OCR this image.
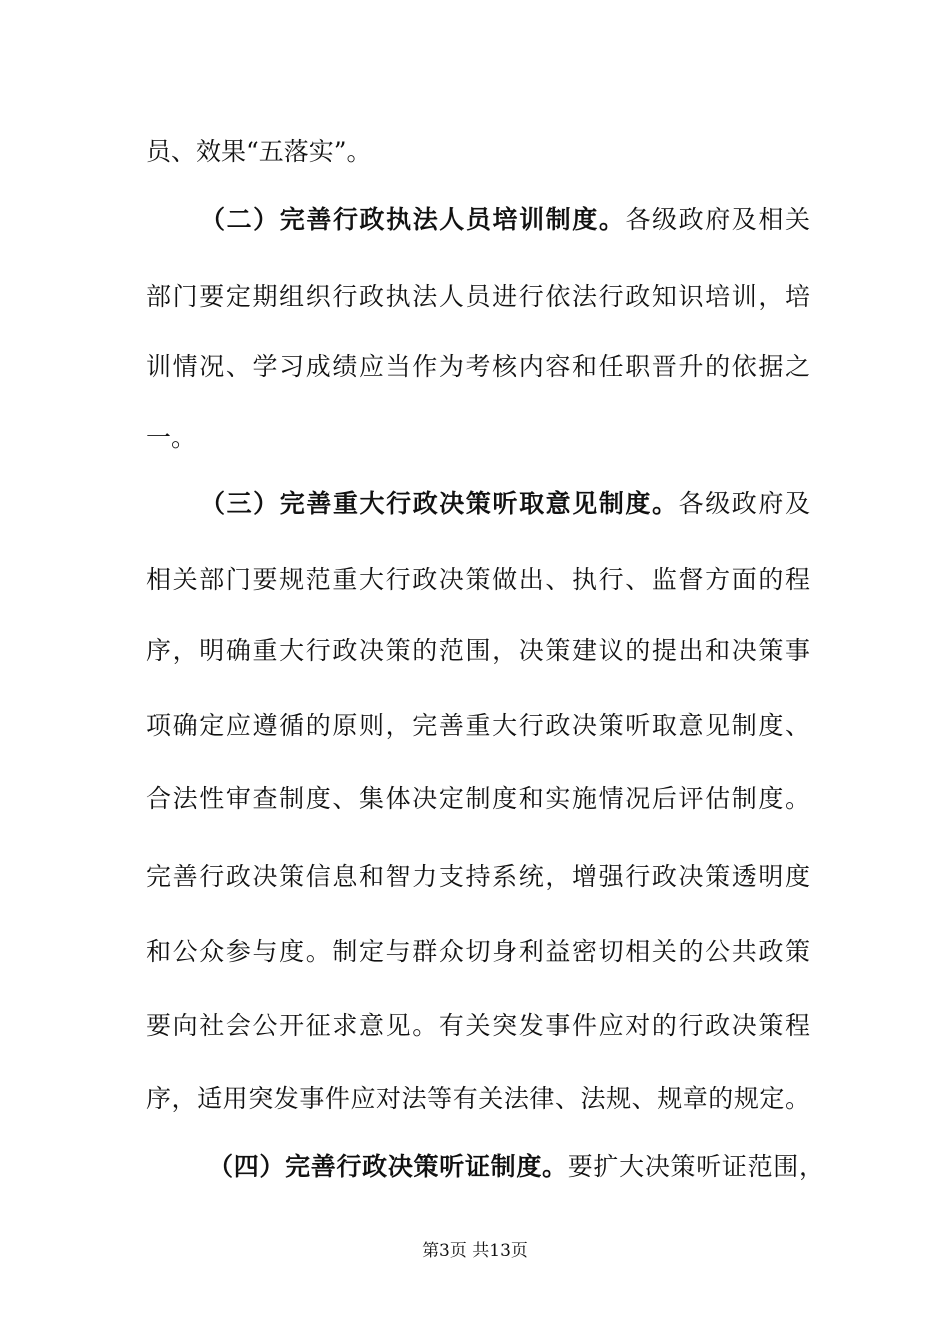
员、效果“五落实”。
（二）完善行政执法人员培训制度。各级政府及相关
部门要定期组织行政执法人员进行依法行政知识培训，培
训情况、学习成绩应当作为考核内容和任职晋升的依据之
一。
（三）完善重大行政决策听取意见制度。各级政府及
相关部门要规范重大行政决策做出、执行、监督方面的程
序，明确重大行政决策的范围，决策建议的提出和决策事
项确定应遵循的原则，完善重大行政决策听取意见制度、
合法性审查制度、集体决定制度和实施情况后评估制度。
完善行政决策信息和智力支持系统，增强行政决策透明度
和公众参与度。制定与群众切身利益密切相关的公共政策
要向社会公开征求意见。有关突发事件应对的行政决策程
序，适用突发事件应对法等有关法律、法规、规章的规定。
（四）完善行政决策听证制度。要扩大决策听证范围，
第3页 共13页
